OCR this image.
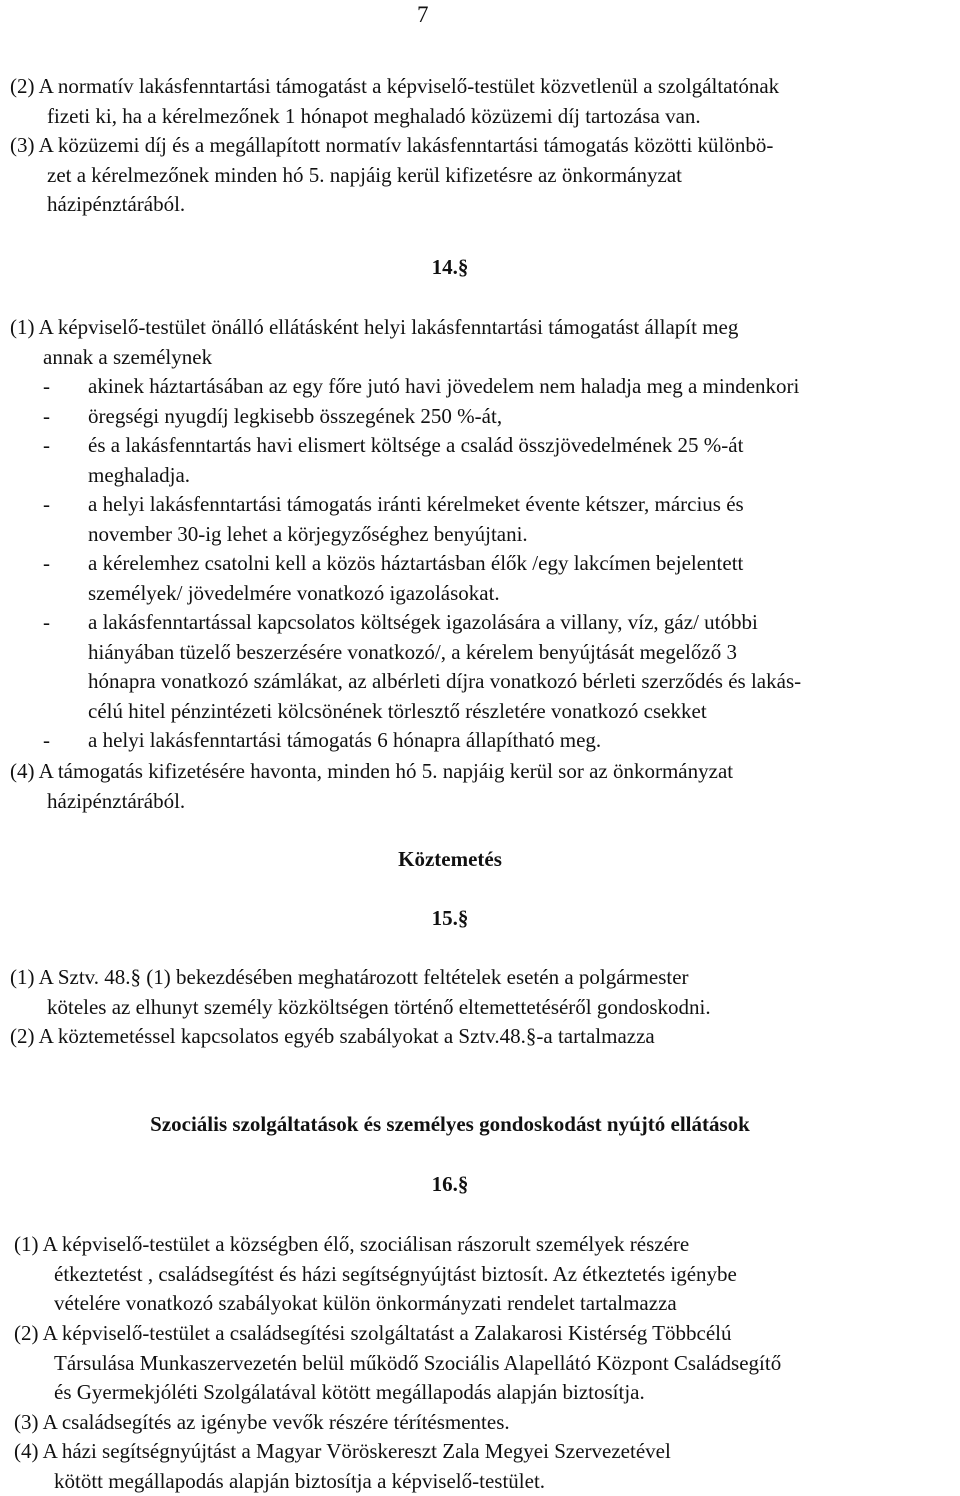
7
(2) A normatív lakásfenntartási támogatást a képviselő-testület közvetlenül a szolgáltatónak
fizeti ki, ha a kérelmezőnek 1 hónapot meghaladó közüzemi díj tartozása van.
(3) A közüzemi díj és a megállapított normatív lakásfenntartási támogatás közötti különbö-
zet a kérelmezőnek minden hó 5. napjáig kerül kifizetésre az önkormányzat
házipénztárából.
14.§
(1) A képviselő-testület önálló ellátásként helyi lakásfenntartási támogatást állapít meg
annak a személynek
-	akinek háztartásában az egy főre jutó havi jövedelem nem haladja meg a mindenkori
-	öregségi nyugdíj legkisebb összegének 250 %-át,
-	és a lakásfenntartás havi elismert költsége a család összjövedelmének 25 %-át
meghaladja.
-	a helyi lakásfenntartási támogatás iránti kérelmeket évente kétszer, március és
november 30-ig lehet a körjegyzőséghez benyújtani.
-	a kérelemhez csatolni kell a közös háztartásban élők /egy lakcímen bejelentett
személyek/ jövedelmére vonatkozó igazolásokat.
-	a lakásfenntartással kapcsolatos költségek igazolására a villany, víz, gáz/ utóbbi
hiányában tüzelő beszerzésére vonatkozó/, a kérelem benyújtását megelőző 3
hónapra vonatkozó számlákat, az albérleti díjra vonatkozó bérleti szerződés és lakás-
célú hitel pénzintézeti kölcsönének törlesztő részletére vonatkozó csekket
-	a helyi lakásfenntartási támogatás 6 hónapra állapítható meg.
(4) A támogatás kifizetésére havonta, minden hó 5. napjáig kerül sor az önkormányzat
házipénztárából.
Köztemetés
15.§
(1) A Sztv. 48.§ (1) bekezdésében meghatározott feltételek esetén a polgármester
köteles az elhunyt személy közköltségen történő eltemettetéséről gondoskodni.
(2) A köztemetéssel kapcsolatos egyéb szabályokat a Sztv.48.§-a tartalmazza
Szociális szolgáltatások és személyes gondoskodást nyújtó ellátások
16.§
(1) A képviselő-testület a községben élő, szociálisan rászorult személyek részére
étkeztetést , családsegítést és házi segítségnyújtást biztosít. Az étkeztetés igénybe
vételére vonatkozó szabályokat külön önkormányzati rendelet tartalmazza
(2) A képviselő-testület a családsegítési szolgáltatást a Zalakarosi Kistérség Többcélú
Társulása Munkaszervezetén belül működő Szociális Alapellátó Központ Családsegítő
és Gyermekjóléti Szolgálatával kötött megállapodás alapján biztosítja.
(3) A családsegítés az igénybe vevők részére térítésmentes.
(4) A házi segítségnyújtást a Magyar Vöröskereszt Zala Megyei Szervezetével
kötött megállapodás alapján biztosítja a képviselő-testület.
